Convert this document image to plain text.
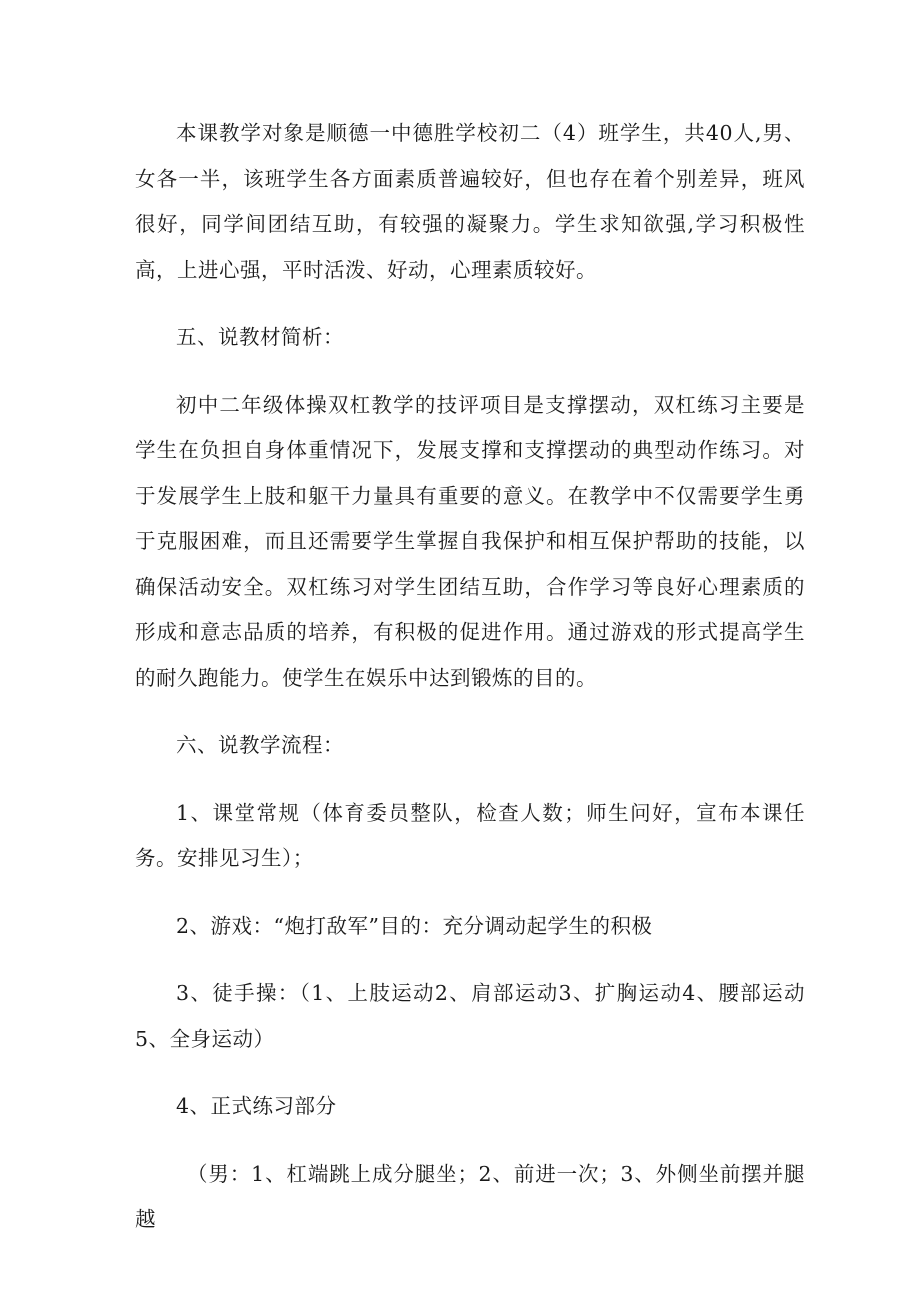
本课教学对象是顺德一中德胜学校初二（4）班学生，共40人,男、女各一半，该班学生各方面素质普遍较好，但也存在着个别差异，班风很好，同学间团结互助，有较强的凝聚力。学生求知欲强,学习积极性高，上进心强，平时活泼、好动，心理素质较好。

五、说教材简析：

初中二年级体操双杠教学的技评项目是支撑摆动，双杠练习主要是学生在负担自身体重情况下，发展支撑和支撑摆动的典型动作练习。对于发展学生上肢和躯干力量具有重要的意义。在教学中不仅需要学生勇于克服困难，而且还需要学生掌握自我保护和相互保护帮助的技能，以确保活动安全。双杠练习对学生团结互助，合作学习等良好心理素质的形成和意志品质的培养，有积极的促进作用。通过游戏的形式提高学生的耐久跑能力。使学生在娱乐中达到锻炼的目的。

六、说教学流程：

1、课堂常规（体育委员整队，检查人数；师生问好，宣布本课任务。安排见习生）；

2、游戏：“炮打敌军”目的：充分调动起学生的积极

3、徒手操：（1、上肢运动2、肩部运动3、扩胸运动4、腰部运动5、全身运动）

4、正式练习部分

（男：1、杠端跳上成分腿坐；2、前进一次；3、外侧坐前摆并腿越
